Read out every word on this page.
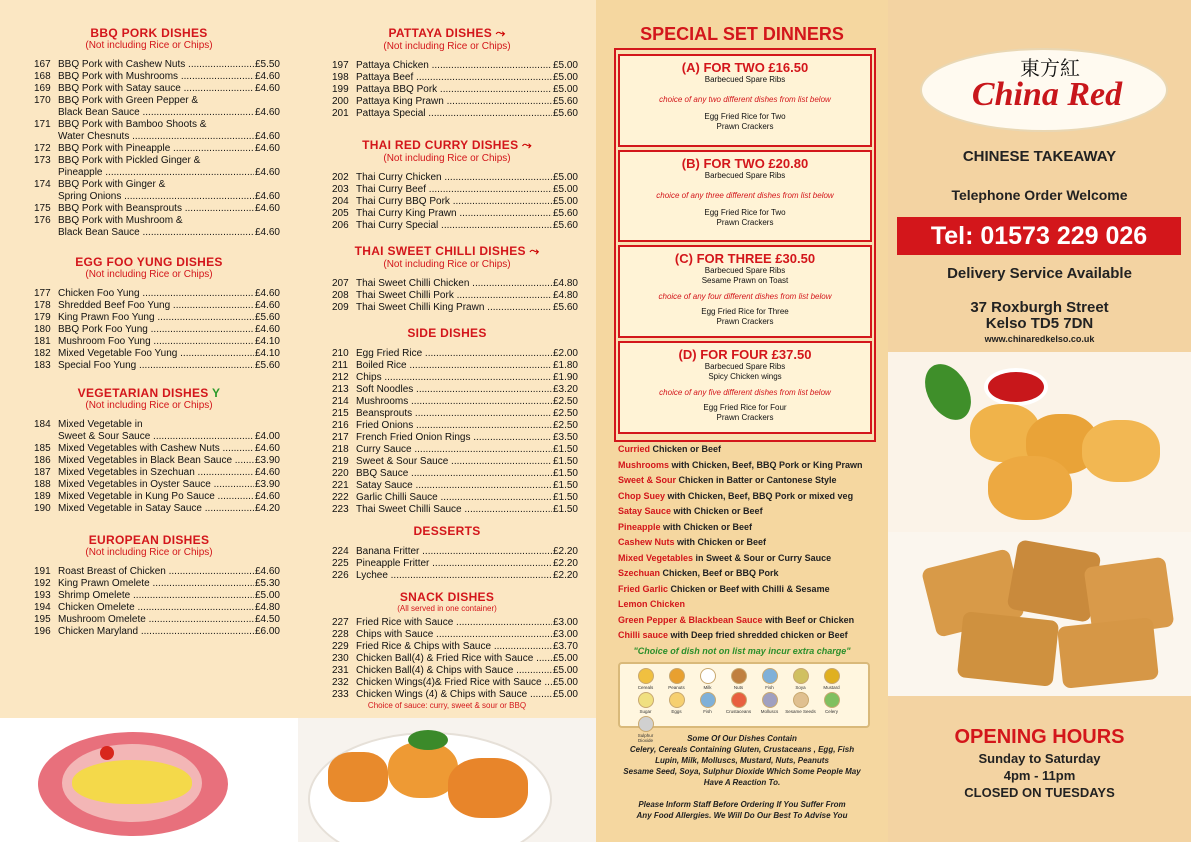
BBQ PORK DISHES
(Not including Rice or Chips)
167 BBQ Pork with Cashew Nuts .....	£5.50
168 BBQ Pork with Mushrooms .....	£4.60
169 BBQ Pork with Satay sauce .....	£4.60
170 BBQ Pork with Green Pepper &
Black Bean Sauce .....	£4.60
171 BBQ Pork with Bamboo Shoots &
Water Chesnuts .....	£4.60
172 BBQ Pork with Pineapple .....	£4.60
173 BBQ Pork with Pickled Ginger &
Pineapple .....	£4.60
174 BBQ Pork with Ginger &
Spring Onions .....	£4.60
175 BBQ Pork with Beansprouts .....	£4.60
176 BBQ Pork with Mushroom &
Black Bean Sauce .....	£4.60
EGG FOO YUNG DISHES
(Not including Rice or Chips)
177 Chicken Foo Yung .....	£4.60
178 Shredded Beef Foo Yung .....	£4.60
179 King Prawn Foo Yung .....	£5.60
180 BBQ Pork Foo Yung .....	£4.60
181 Mushroom Foo Yung .....	£4.10
182 Mixed Vegetable Foo Yung .....	£4.10
183 Special Foo Yung .....	£5.60
VEGETARIAN DISHES Y
(Not including Rice or Chips)
184 Mixed Vegetable in
Sweet & Sour Sauce .....	£4.00
185 Mixed Vegetables with Cashew Nuts .....	£4.60
186 Mixed Vegetables in Black Bean Sauce .....	£3.90
187 Mixed Vegetables in Szechuan .....	£4.60
188 Mixed Vegetables in Oyster Sauce .....	£3.90
189 Mixed Vegetable in Kung Po Sauce .....	£4.60
190 Mixed Vegetable in Satay Sauce .....	£4.20
EUROPEAN DISHES
(Not including Rice or Chips)
191 Roast Breast of Chicken .....	£4.60
192 King Prawn Omelete .....	£5.30
193 Shrimp Omelete .....	£5.00
194 Chicken Omelete .....	£4.80
195 Mushroom Omelete .....	£4.50
196 Chicken Maryland .....	£6.00
PATTAYA DISHES ⤳
(Not including Rice or Chips)
197 Pattaya Chicken .....	£5.00
198 Pattaya Beef .....	£5.00
199 Pattaya BBQ Pork .....	£5.00
200 Pattaya King Prawn .....	£5.60
201 Pattaya Special .....	£5.60
THAI RED CURRY DISHES ⤳
(Not including Rice or Chips)
202 Thai Curry Chicken .....	£5.00
203 Thai Curry Beef .....	£5.00
204 Thai Curry BBQ Pork .....	£5.00
205 Thai Curry King Prawn .....	£5.60
206 Thai Curry Special .....	£5.60
THAI SWEET CHILLI DISHES ⤳
(Not including Rice or Chips)
207 Thai Sweet Chilli Chicken .....	£4.80
208 Thai Sweet Chilli Pork .....	£4.80
209 Thai Sweet Chilli King Prawn .....	£5.60
SIDE DISHES
210 Egg Fried Rice .....	£2.00
211 Boiled Rice .....	£1.80
212 Chips .....	£1.90
213 Soft Noodles .....	£3.20
214 Mushrooms .....	£2.50
215 Beansprouts .....	£2.50
216 Fried Onions .....	£2.50
217 French Fried Onion Rings .....	£3.50
218 Curry Sauce .....	£1.50
219 Sweet & Sour Sauce .....	£1.50
220 BBQ Sauce .....	£1.50
221 Satay Sauce .....	£1.50
222 Garlic Chilli Sauce .....	£1.50
223 Thai Sweet Chilli Sauce .....	£1.50
DESSERTS
224 Banana Fritter .....	£2.20
225 Pineapple Fritter .....	£2.20
226 Lychee .....	£2.20
SNACK DISHES
(All served in one container)
227 Fried Rice with Sauce .....	£3.00
228 Chips with Sauce .....	£3.00
229 Fried Rice & Chips with Sauce .....	£3.70
230 Chicken Ball(4) & Fried Rice with Sauce .....	£5.00
231 Chicken Ball(4) & Chips with Sauce .....	£5.00
232 Chicken Wings(4)& Fried Rice with Sauce .....	£5.00
233 Chicken Wings (4) & Chips with Sauce .....	£5.00
Choice of sauce: curry, sweet & sour or BBQ
.....
.....
SPECIAL SET DINNERS
(A) FOR TWO £16.50
Barbecued Spare Ribs
choice of any two different dishes from list below
Egg Fried Rice for Two
Prawn Crackers
(B) FOR TWO £20.80
Barbecued Spare Ribs
choice of any three different dishes from list below
Egg Fried Rice for Two
Prawn Crackers
(C) FOR THREE £30.50
Barbecued Spare Ribs
Sesame Prawn on Toast
choice of any four different dishes from list below
Egg Fried Rice for Three
Prawn Crackers
(D) FOR FOUR £37.50
Barbecued Spare Ribs
Spicy Chicken wings
choice of any five different dishes from list below
Egg Fried Rice for Four
Prawn Crackers
Curried Chicken or Beef
Mushrooms with Chicken, Beef, BBQ Pork or King Prawn
Sweet & Sour Chicken in Batter or Cantonese Style
Chop Suey with Chicken, Beef, BBQ Pork or mixed veg
Satay Sauce with Chicken or Beef
Pineapple with Chicken or Beef
Cashew Nuts with Chicken or Beef
Mixed Vegetables in Sweet & Sour or Curry Sauce
Szechuan Chicken, Beef or BBQ Pork
Fried Garlic Chicken or Beef with Chilli & Sesame
Lemon Chicken
Green Pepper & Blackbean Sauce with Beef or Chicken
Chilli sauce with Deep fried shredded chicken or Beef
"Choice of dish not on list may incur extra charge"
Cereals	Peanuts	Milk	Nuts	Fish	Soya	Mustard
Sugar	Eggs	Fish	Crustaceans	Molluscs	Sesame Seeds	Celery
Sulphur Dioxide	Some Of Our Dishes Contain
Celery, Cereals Containing Gluten, Crustaceans , Egg, Fish
Lupin, Milk, Molluscs, Mustard, Nuts, Peanuts
Sesame Seed, Soya, Sulphur Dioxide Which Some People May
Have A Reaction To.
Please Inform Staff Before Ordering If You Suffer From
Any Food Allergies. We Will Do Our Best To Advise You
東方紅
China Red
CHINESE TAKEAWAY
Telephone Order Welcome
Tel: 01573 229 026
Delivery Service Available
37 Roxburgh Street
Kelso TD5 7DN
www.chinaredkelso.co.uk
OPENING HOURS
Sunday to Saturday
4pm - 11pm
CLOSED ON TUESDAYS
